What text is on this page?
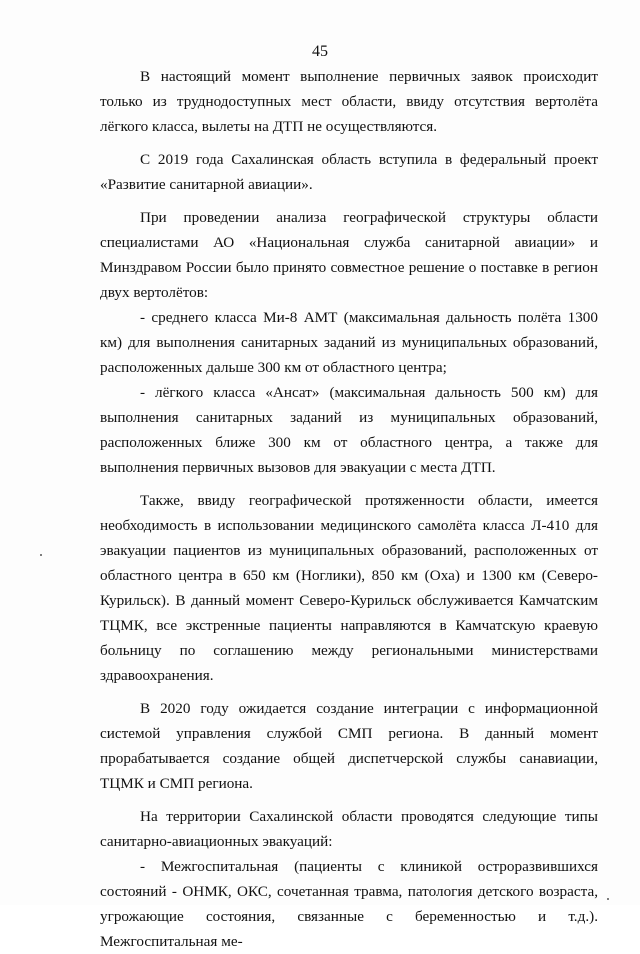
45

В настоящий момент выполнение первичных заявок происходит только из труднодоступных мест области, ввиду отсутствия вертолёта лёгкого класса, вылеты на ДТП не осуществляются.

С 2019 года Сахалинская область вступила в федеральный проект «Развитие санитарной авиации».

При проведении анализа географической структуры области специалистами АО «Национальная служба санитарной авиации» и Минздравом России было принято совместное решение о поставке в регион двух вертолётов:

- среднего класса Ми-8 АМТ (максимальная дальность полёта 1300 км) для выполнения санитарных заданий из муниципальных образований, расположенных дальше 300 км от областного центра;

- лёгкого класса «Ансат» (максимальная дальность 500 км) для выполнения санитарных заданий из муниципальных образований, расположенных ближе 300 км от областного центра, а также для выполнения первичных вызовов для эвакуации с места ДТП.

Также, ввиду географической протяженности области, имеется необходимость в использовании медицинского самолёта класса Л-410 для эвакуации пациентов из муниципальных образований, расположенных от областного центра в 650 км (Ноглики), 850 км (Оха) и 1300 км (Северо-Курильск). В данный момент Северо-Курильск обслуживается Камчатским ТЦМК, все экстренные пациенты направляются в Камчатскую краевую больницу по соглашению между региональными министерствами здравоохранения.

В 2020 году ожидается создание интеграции с информационной системой управления службой СМП региона. В данный момент прорабатывается создание общей диспетчерской службы санавиации, ТЦМК и СМП региона.

На территории Сахалинской области проводятся следующие типы санитарно-авиационных эвакуаций:

- Межгоспитальная (пациенты с клиникой остроразвившихся состояний - ОНМК, ОКС, сочетанная травма, патология детского возраста, угрожающие состояния, связанные с беременностью и т.д.). Межгоспитальная ме-
